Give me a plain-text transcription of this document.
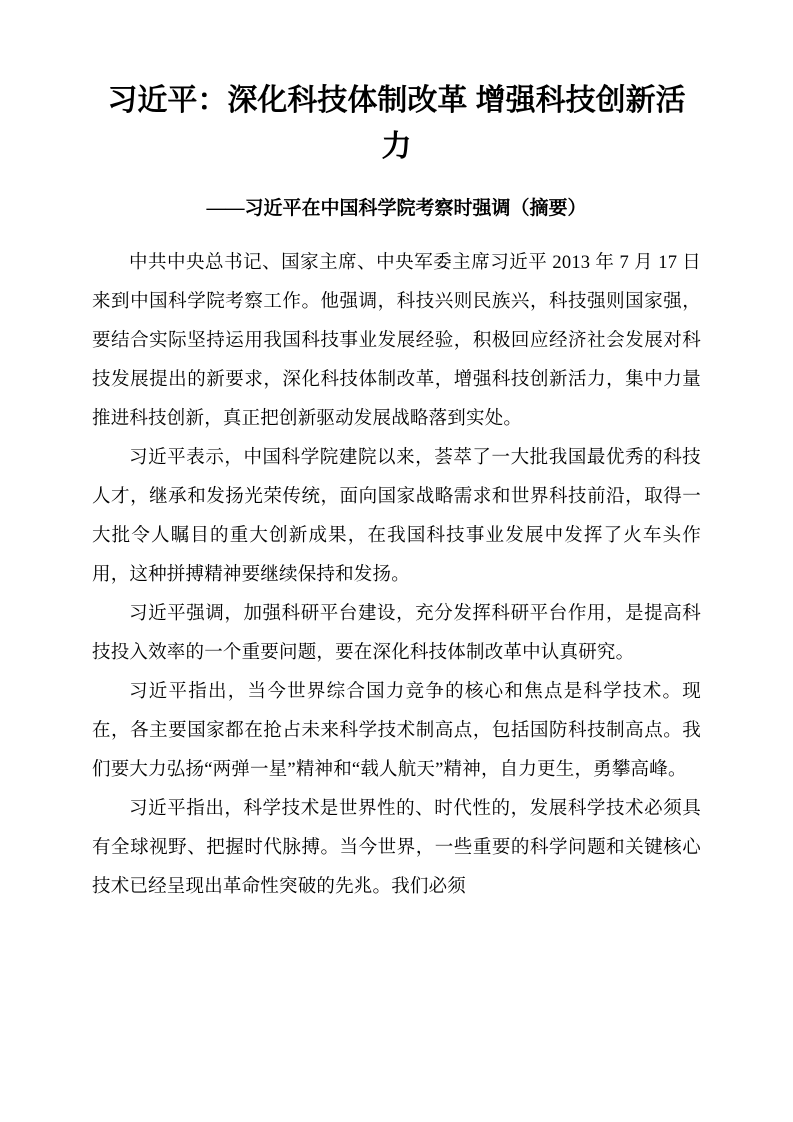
习近平：深化科技体制改革 增强科技创新活力
——习近平在中国科学院考察时强调（摘要）

中共中央总书记、国家主席、中央军委主席习近平 2013 年 7 月 17 日来到中国科学院考察工作。他强调，科技兴则民族兴，科技强则国家强，要结合实际坚持运用我国科技事业发展经验，积极回应经济社会发展对科技发展提出的新要求，深化科技体制改革，增强科技创新活力，集中力量推进科技创新，真正把创新驱动发展战略落到实处。

习近平表示，中国科学院建院以来，荟萃了一大批我国最优秀的科技人才，继承和发扬光荣传统，面向国家战略需求和世界科技前沿，取得一大批令人瞩目的重大创新成果，在我国科技事业发展中发挥了火车头作用，这种拼搏精神要继续保持和发扬。

习近平强调，加强科研平台建设，充分发挥科研平台作用，是提高科技投入效率的一个重要问题，要在深化科技体制改革中认真研究。

习近平指出，当今世界综合国力竞争的核心和焦点是科学技术。现在，各主要国家都在抢占未来科学技术制高点，包括国防科技制高点。我们要大力弘扬“两弹一星”精神和“载人航天”精神，自力更生，勇攀高峰。

习近平指出，科学技术是世界性的、时代性的，发展科学技术必须具有全球视野、把握时代脉搏。当今世界，一些重要的科学问题和关键核心技术已经呈现出革命性突破的先兆。我们必须
